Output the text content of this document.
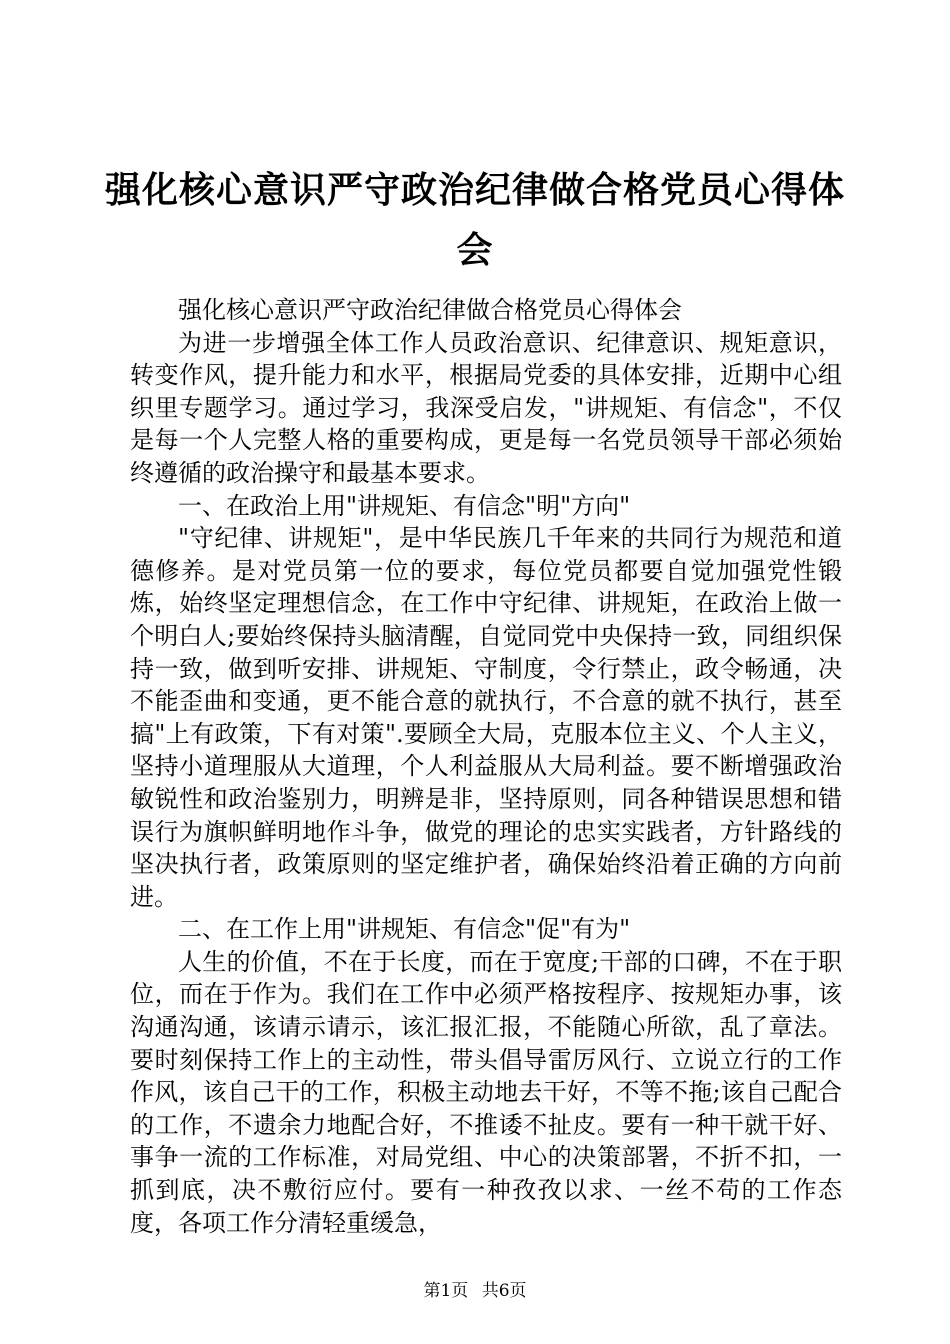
强化核心意识严守政治纪律做合格党员心得体会

强化核心意识严守政治纪律做合格党员心得体会

为进一步增强全体工作人员政治意识、纪律意识、规矩意识，转变作风，提升能力和水平，根据局党委的具体安排，近期中心组织里专题学习。通过学习，我深受启发，"讲规矩、有信念"，不仅是每一个人完整人格的重要构成，更是每一名党员领导干部必须始终遵循的政治操守和最基本要求。

一、在政治上用"讲规矩、有信念"明"方向"

"守纪律、讲规矩"，是中华民族几千年来的共同行为规范和道德修养。是对党员第一位的要求，每位党员都要自觉加强党性锻炼，始终坚定理想信念，在工作中守纪律、讲规矩，在政治上做一个明白人;要始终保持头脑清醒，自觉同党中央保持一致，同组织保持一致，做到听安排、讲规矩、守制度，令行禁止，政令畅通，决不能歪曲和变通，更不能合意的就执行，不合意的就不执行，甚至搞"上有政策，下有对策".要顾全大局，克服本位主义、个人主义，坚持小道理服从大道理，个人利益服从大局利益。要不断增强政治敏锐性和政治鉴别力，明辨是非，坚持原则，同各种错误思想和错误行为旗帜鲜明地作斗争，做党的理论的忠实实践者，方针路线的坚决执行者，政策原则的坚定维护者，确保始终沿着正确的方向前进。

二、在工作上用"讲规矩、有信念"促"有为"

人生的价值，不在于长度，而在于宽度;干部的口碑，不在于职位，而在于作为。我们在工作中必须严格按程序、按规矩办事，该沟通沟通，该请示请示，该汇报汇报，不能随心所欲，乱了章法。要时刻保持工作上的主动性，带头倡导雷厉风行、立说立行的工作作风，该自己干的工作，积极主动地去干好，不等不拖;该自己配合的工作，不遗余力地配合好，不推诿不扯皮。要有一种干就干好、事争一流的工作标准，对局党组、中心的决策部署，不折不扣，一抓到底，决不敷衍应付。要有一种孜孜以求、一丝不苟的工作态度，各项工作分清轻重缓急，

第1页 共6页
